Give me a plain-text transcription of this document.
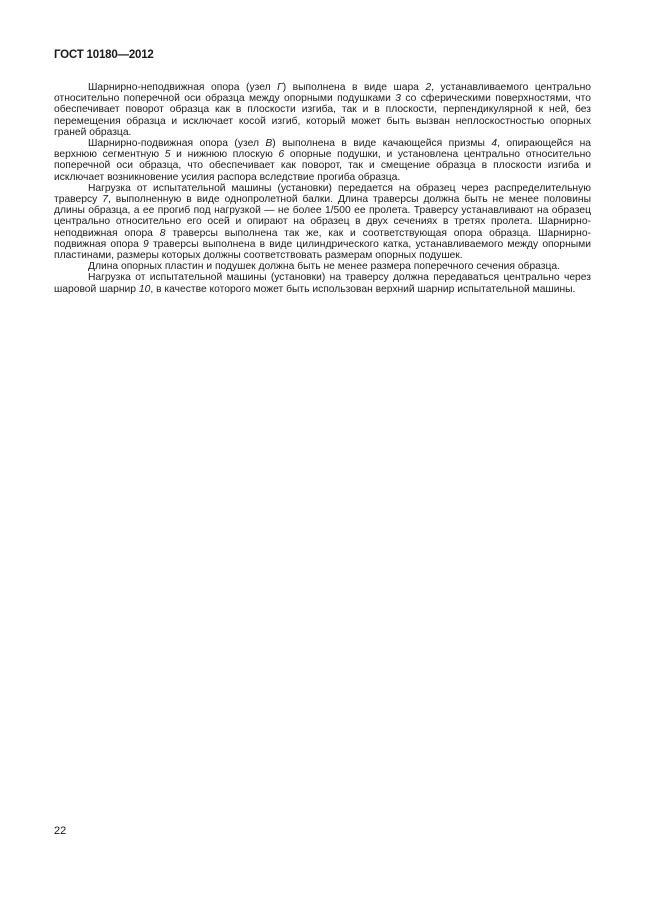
ГОСТ 10180—2012

Шарнирно-неподвижная опора (узел Г) выполнена в виде шара 2, устанавливаемого центрально относительно поперечной оси образца между опорными подушками 3 со сферическими поверхностями, что обеспечивает поворот образца как в плоскости изгиба, так и в плоскости, перпендикулярной к ней, без перемещения образца и исключает косой изгиб, который может быть вызван неплоскостностью опорных граней образца.

Шарнирно-подвижная опора (узел В) выполнена в виде качающейся призмы 4, опирающейся на верхнюю сегментную 5 и нижнюю плоскую 6 опорные подушки, и установлена центрально относительно поперечной оси образца, что обеспечивает как поворот, так и смещение образца в плоскости изгиба и исключает возникновение усилия распора вследствие прогиба образца.

Нагрузка от испытательной машины (установки) передается на образец через распределительную траверсу 7, выполненную в виде однопролетной балки. Длина траверсы должна быть не менее половины длины образца, а ее прогиб под нагрузкой — не более 1/500 ее пролета. Траверсу устанавливают на образец центрально относительно его осей и опирают на образец в двух сечениях в третях пролета. Шарнирно-неподвижная опора 8 траверсы выполнена так же, как и соответствующая опора образца. Шарнирно-подвижная опора 9 траверсы выполнена в виде цилиндрического катка, устанавливаемого между опорными пластинами, размеры которых должны соответствовать размерам опорных подушек.

Длина опорных пластин и подушек должна быть не менее размера поперечного сечения образца.

Нагрузка от испытательной машины (установки) на траверсу должна передаваться центрально через шаровой шарнир 10, в качестве которого может быть использован верхний шарнир испытательной машины.

22
